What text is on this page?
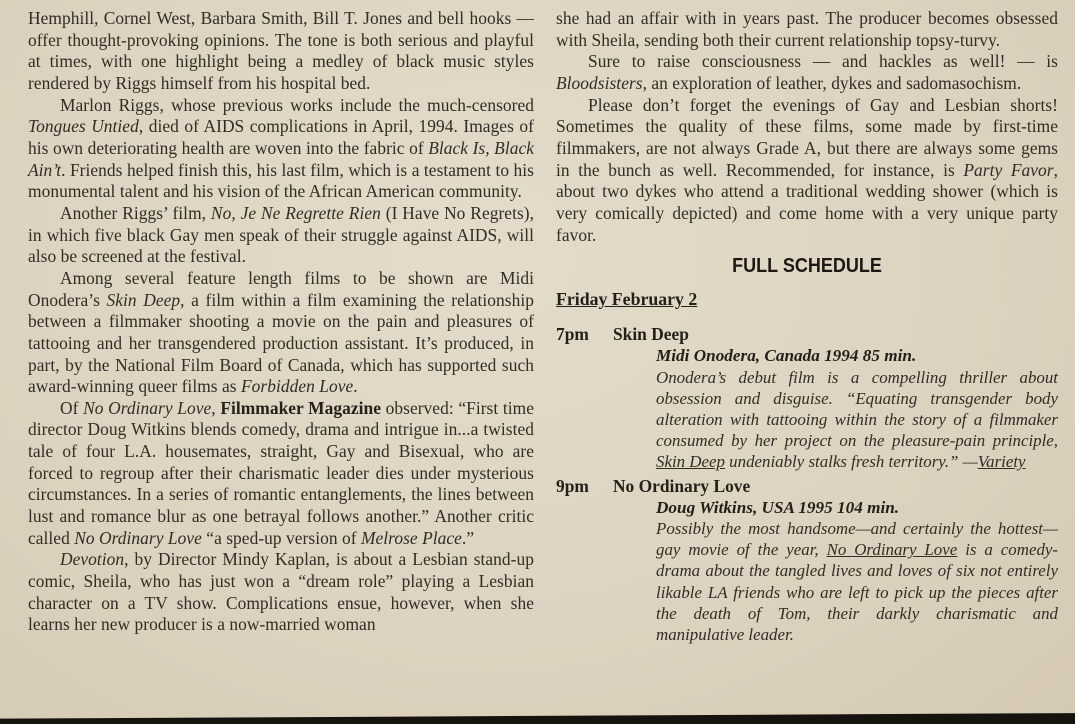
Hemphill, Cornel West, Barbara Smith, Bill T. Jones and bell hooks — offer thought-provoking opinions. The tone is both serious and playful at times, with one highlight being a medley of black music styles rendered by Riggs himself from his hospital bed.

Marlon Riggs, whose previous works include the much-censored Tongues Untied, died of AIDS complications in April, 1994. Images of his own deteriorating health are woven into the fabric of Black Is, Black Ain’t. Friends helped finish this, his last film, which is a testament to his monumental talent and his vision of the African American community.

Another Riggs’ film, No, Je Ne Regrette Rien (I Have No Regrets), in which five black Gay men speak of their struggle against AIDS, will also be screened at the festival.

Among several feature length films to be shown are Midi Onodera’s Skin Deep, a film within a film examining the relationship between a filmmaker shooting a movie on the pain and pleasures of tattooing and her transgendered production assistant. It’s produced, in part, by the National Film Board of Canada, which has supported such award-winning queer films as Forbidden Love.

Of No Ordinary Love, Filmmaker Magazine observed: “First time director Doug Witkins blends comedy, drama and intrigue in...a twisted tale of four L.A. housemates, straight, Gay and Bisexual, who are forced to regroup after their charismatic leader dies under mysterious circumstances. In a series of romantic entanglements, the lines between lust and romance blur as one betrayal follows another.” Another critic called No Ordinary Love “a sped-up version of Melrose Place.”

Devotion, by Director Mindy Kaplan, is about a Lesbian stand-up comic, Sheila, who has just won a “dream role” playing a Lesbian character on a TV show. Complications ensue, however, when she learns her new producer is a now-married woman

she had an affair with in years past. The producer becomes obsessed with Sheila, sending both their current relationship topsy-turvy.

Sure to raise consciousness — and hackles as well! — is Bloodsisters, an exploration of leather, dykes and sadomasochism.

Please don’t forget the evenings of Gay and Lesbian shorts! Sometimes the quality of these films, some made by first-time filmmakers, are not always Grade A, but there are always some gems in the bunch as well. Recommended, for instance, is Party Favor, about two dykes who attend a traditional wedding shower (which is very comically depicted) and come home with a very unique party favor.

FULL SCHEDULE
Friday February 2
7pm	Skin Deep

Midi Onodera, Canada 1994 85 min.

Onodera’s debut film is a compelling thriller about obsession and disguise. “Equating transgender body alteration with tattooing within the story of a filmmaker consumed by her project on the pleasure-pain principle, Skin Deep undeniably stalks fresh territory.” —Variety

9pm	No Ordinary Love

Doug Witkins, USA 1995 104 min.

Possibly the most handsome—and certainly the hottest—gay movie of the year, No Ordinary Love is a comedy-drama about the tangled lives and loves of six not entirely likable LA friends who are left to pick up the pieces after the death of Tom, their darkly charismatic and manipulative leader.
